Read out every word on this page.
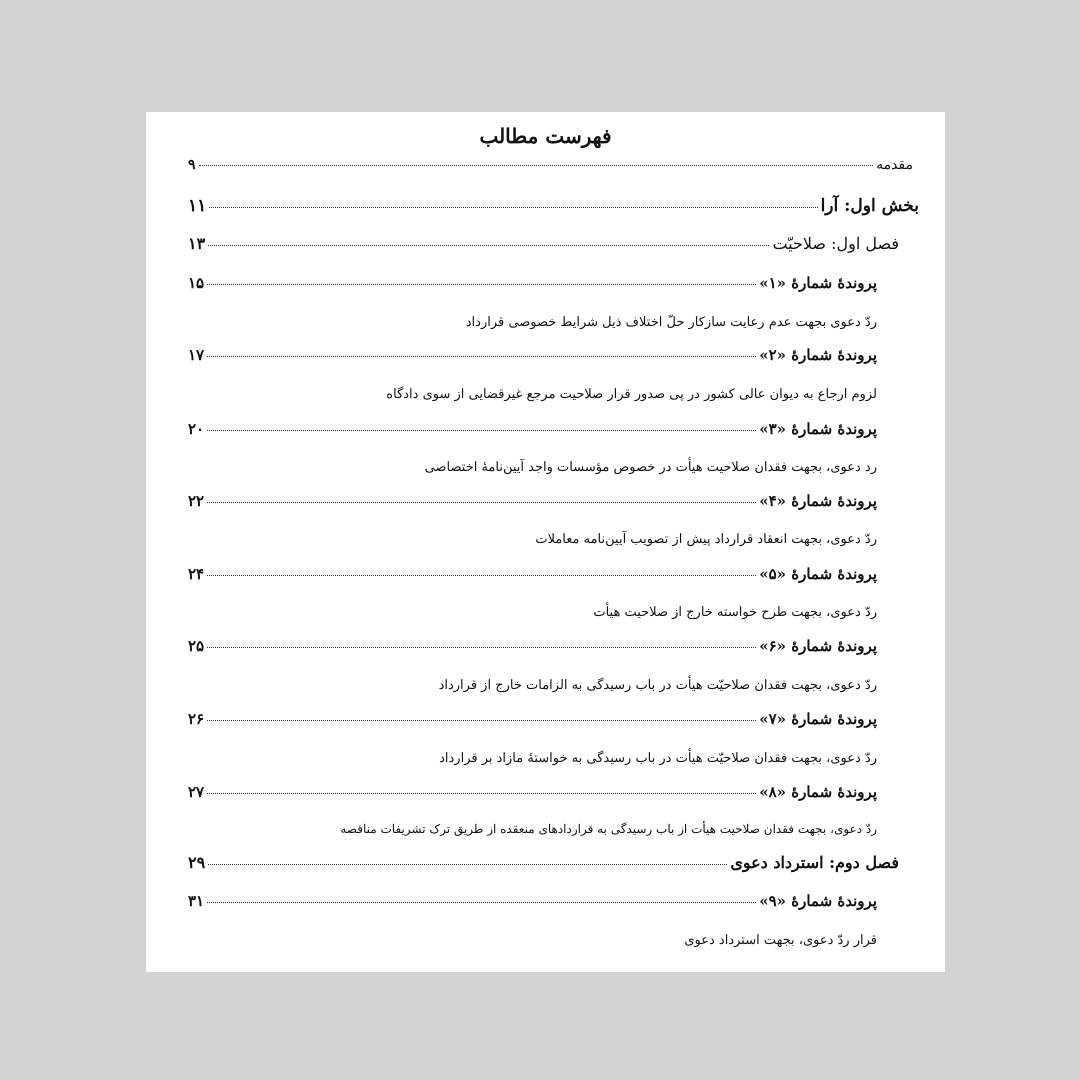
فهرست مطالب
مقدمه
۹
بخش اول: آرا
۱۱
فصل اول: صلاحیّت
۱۳
پروندۀ شمارۀ «۱»
۱۵
ردّ دعوی بجهت عدم رعایت سازکار حلّ اختلاف ذیل شرایط خصوصی قرارداد
پروندۀ شمارۀ «۲»
۱۷
لزوم ارجاع به دیوان عالی کشور در پی صدور قرار صلاحیت مرجع غیرقضایی از سوی دادگاه
پروندۀ شمارۀ «۳»
۲۰
رد دعوی، بجهت فقدان صلاحیت هیأت در خصوص مؤسسات واجد آیین‌نامۀ اختصاصی
پروندۀ شمارۀ «۴»
۲۲
ردّ دعوی، بجهت انعقاد قرارداد پیش از تصویب آیین‌نامه معاملات
پروندۀ شمارۀ «۵»
۲۴
ردّ دعوی، بجهت طرح خواسته خارج از صلاحیت هیأت
پروندۀ شمارۀ «۶»
۲۵
ردّ دعوی، بجهت فقدان صلاحیّت هیأت در باب رسیدگی به الزامات خارج از قرارداد
پروندۀ شمارۀ «۷»
۲۶
ردّ دعوی، بجهت فقدان صلاحیّت هیأت در باب رسیدگی به خواستۀ مازاد بر قرارداد
پروندۀ شمارۀ «۸»
۲۷
ردّ دعوی، بجهت فقدان صلاحیت هیأت از باب رسیدگی به قراردادهای منعقده از طریق ترک تشریفات مناقصه
فصل دوم: استرداد دعوی
۲۹
پروندۀ شمارۀ «۹»
۳۱
قرار ردّ دعوی، بجهت استرداد دعوی
